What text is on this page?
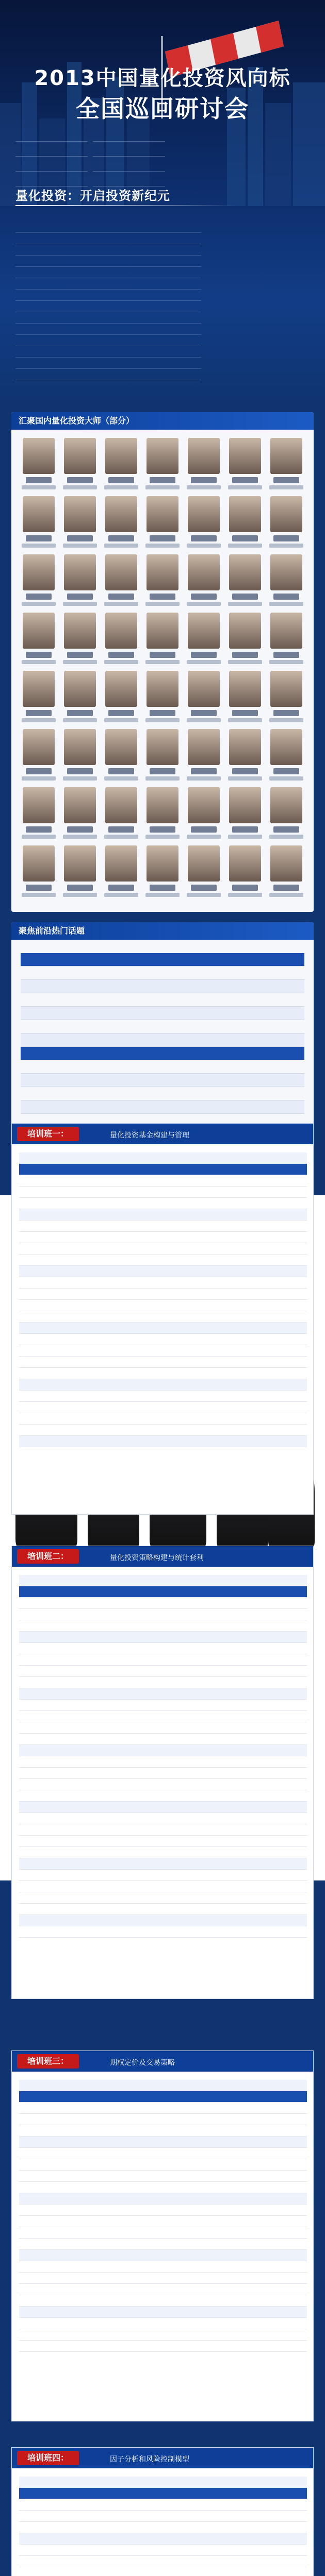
2013中国量化投资风向标
全国巡回研讨会

量化投资：开启投资新纪元
汇聚国内量化投资大师（部分）
聚焦前沿热门话题
培训班一：	量化投资基金构建与管理
培训班二：	量化投资策略构建与统计套利
培训班三：	期权定价及交易策略
培训班四：	因子分析和风险控制模型
